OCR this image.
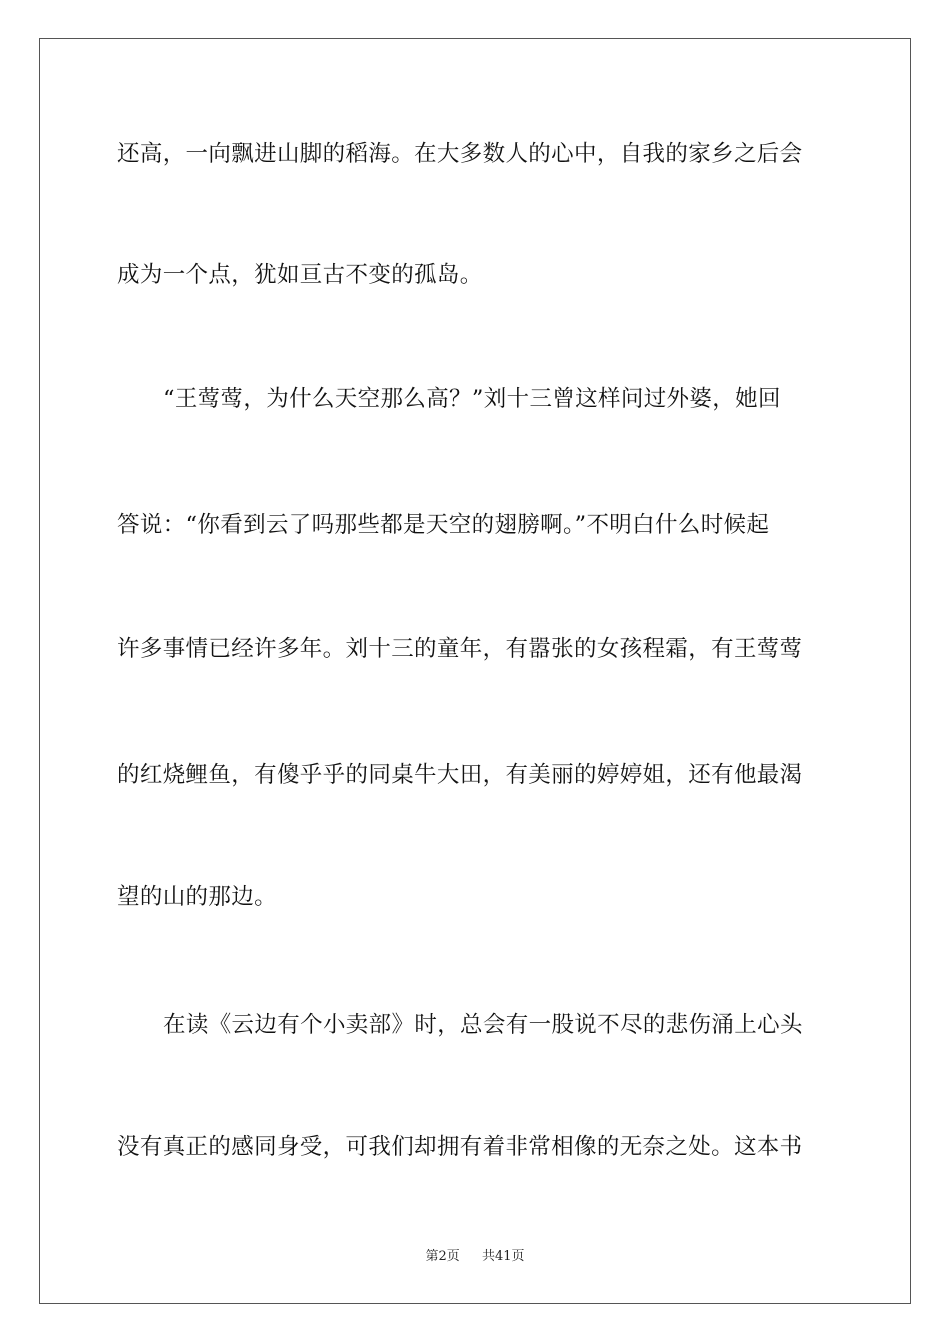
还高，一向飘进山脚的稻海。在大多数人的心中，自我的家乡之后会
成为一个点，犹如亘古不变的孤岛。
“王莺莺，为什么天空那么高？”刘十三曾这样问过外婆，她回
答说：“你看到云了吗那些都是天空的翅膀啊。”不明白什么时候起
许多事情已经许多年。刘十三的童年，有嚣张的女孩程霜，有王莺莺
的红烧鲤鱼，有傻乎乎的同桌牛大田，有美丽的婷婷姐，还有他最渴
望的山的那边。
在读《云边有个小卖部》时，总会有一股说不尽的悲伤涌上心头
没有真正的感同身受，可我们却拥有着非常相像的无奈之处。这本书
第2页 共41页
